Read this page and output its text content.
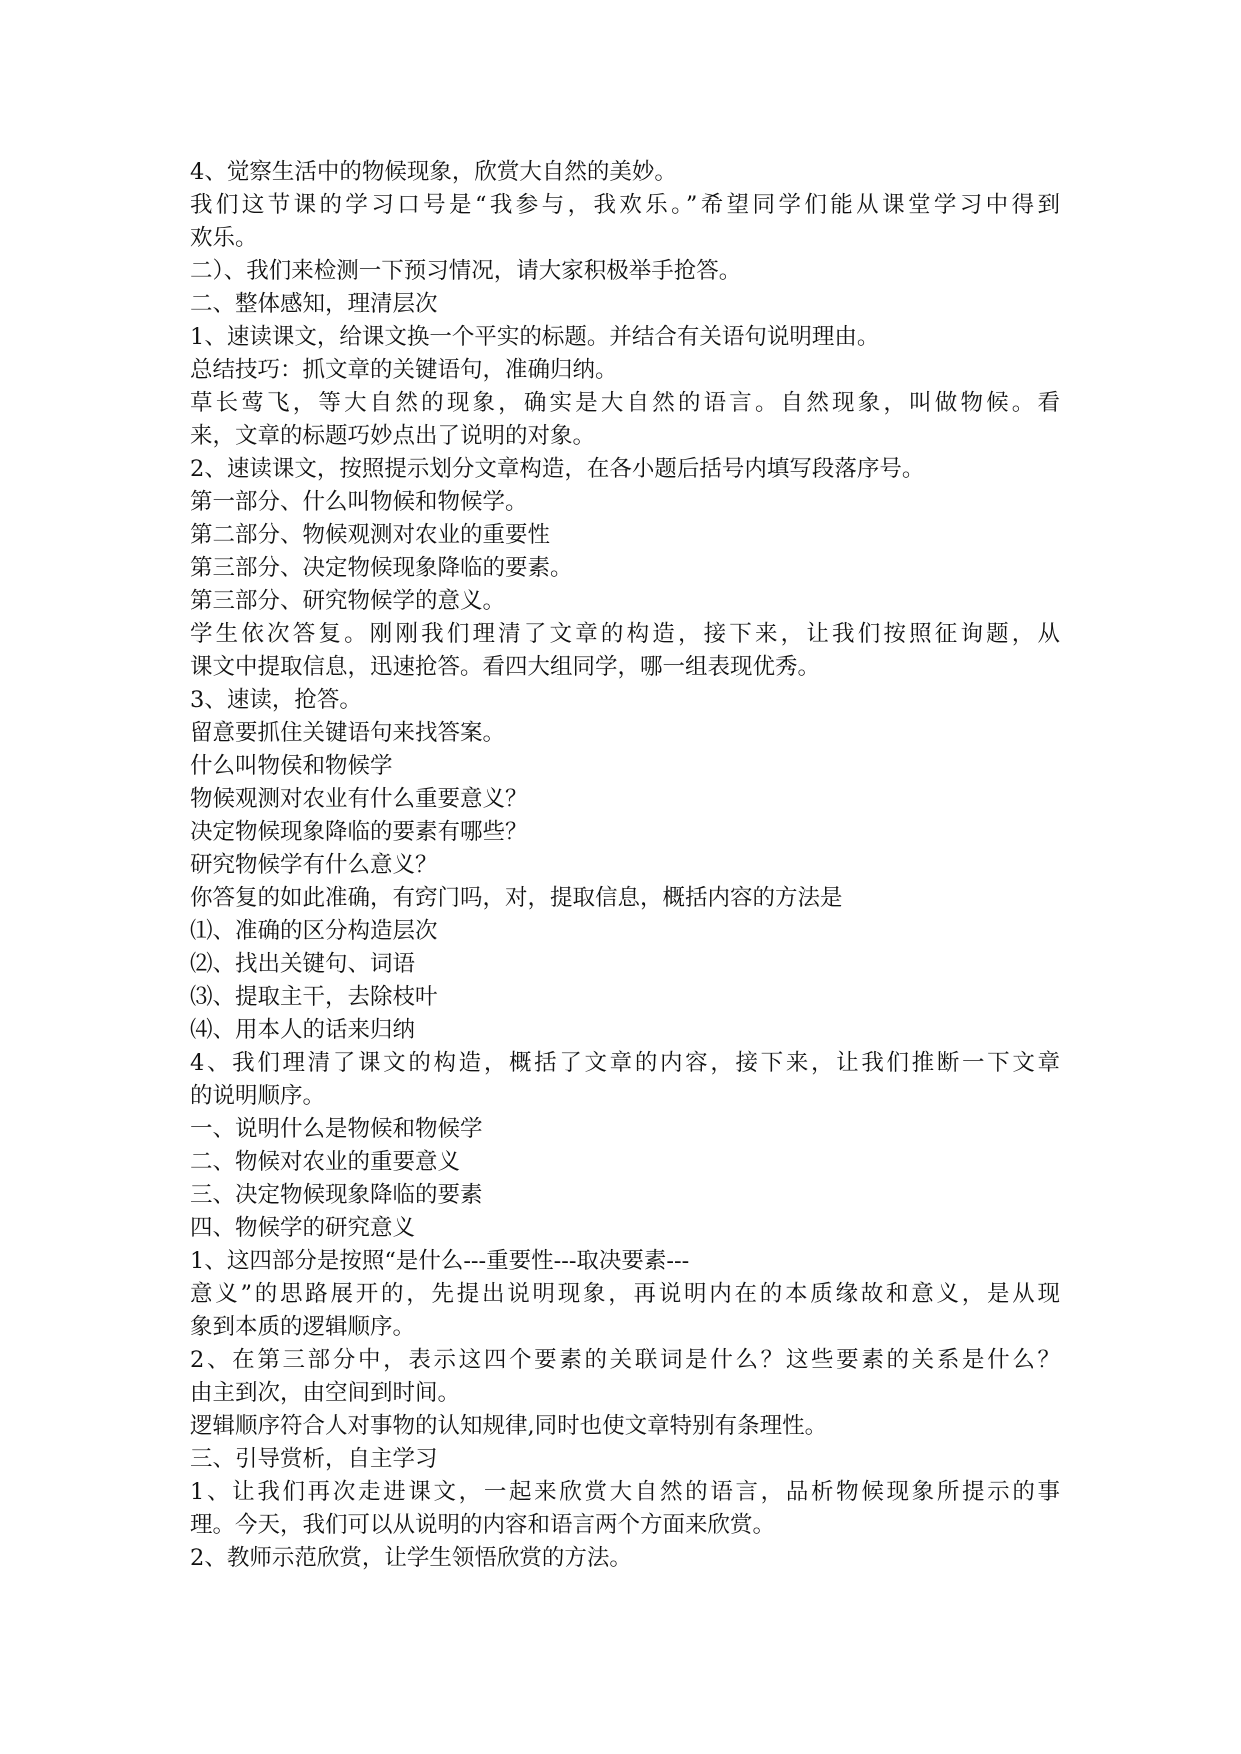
4、觉察生活中的物候现象，欣赏大自然的美妙。
我们这节课的学习口号是“我参与，我欢乐。”希望同学们能从课堂学习中得到
欢乐。
二）、我们来检测一下预习情况，请大家积极举手抢答。
二、整体感知，理清层次
1、速读课文，给课文换一个平实的标题。并结合有关语句说明理由。
总结技巧：抓文章的关键语句，准确归纳。
草长莺飞，等大自然的现象，确实是大自然的语言。自然现象，叫做物候。看
来，文章的标题巧妙点出了说明的对象。
2、速读课文，按照提示划分文章构造，在各小题后括号内填写段落序号。
第一部分、什么叫物候和物候学。
第二部分、物候观测对农业的重要性
第三部分、决定物候现象降临的要素。
第三部分、研究物候学的意义。
学生依次答复。刚刚我们理清了文章的构造，接下来，让我们按照征询题，从
课文中提取信息，迅速抢答。看四大组同学，哪一组表现优秀。
3、速读，抢答。
留意要抓住关键语句来找答案。
什么叫物侯和物候学
物候观测对农业有什么重要意义？
决定物候现象降临的要素有哪些？
研究物候学有什么意义？
你答复的如此准确，有窍门吗，对，提取信息，概括内容的方法是
⑴、准确的区分构造层次
⑵、找出关键句、词语
⑶、提取主干，去除枝叶
⑷、用本人的话来归纳
4、我们理清了课文的构造，概括了文章的内容，接下来，让我们推断一下文章
的说明顺序。
一、说明什么是物候和物候学
二、物候对农业的重要意义
三、决定物候现象降临的要素
四、物候学的研究意义
1、这四部分是按照“是什么---重要性---取决要素---
意义”的思路展开的，先提出说明现象，再说明内在的本质缘故和意义，是从现
象到本质的逻辑顺序。
2、在第三部分中，表示这四个要素的关联词是什么？这些要素的关系是什么？
由主到次，由空间到时间。
逻辑顺序符合人对事物的认知规律,同时也使文章特别有条理性。
三、引导赏析，自主学习
1、让我们再次走进课文，一起来欣赏大自然的语言，品析物候现象所提示的事
理。今天，我们可以从说明的内容和语言两个方面来欣赏。
2、教师示范欣赏，让学生领悟欣赏的方法。
